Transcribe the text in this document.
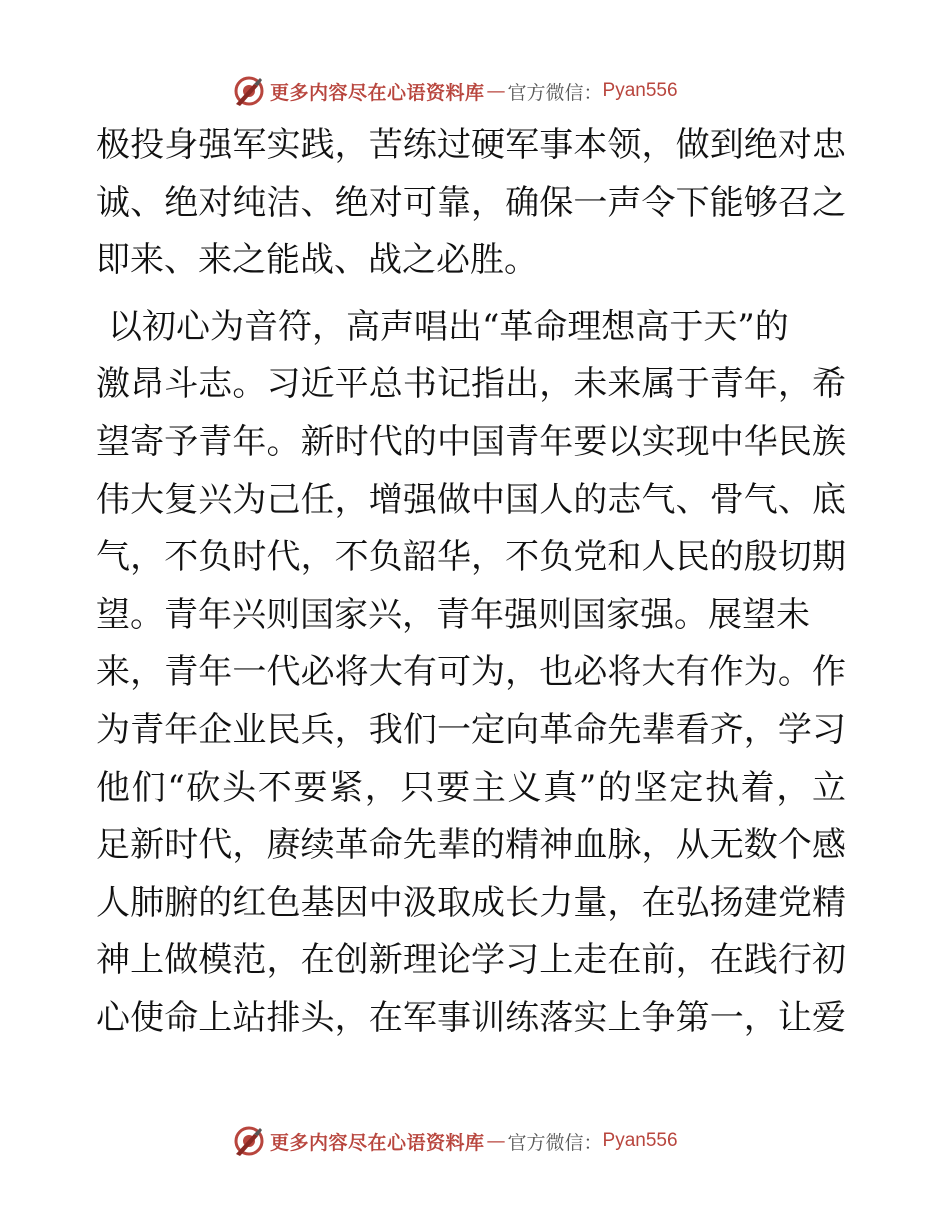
更多内容尽在心语资料库 — 官方微信： Pyan556
极投身强军实践，苦练过硬军事本领，做到绝对忠
诚、绝对纯洁、绝对可靠，确保一声令下能够召之
即来、来之能战、战之必胜。
以初心为音符，高声唱出“革命理想高于天”的
激昂斗志。习近平总书记指出，未来属于青年，希
望寄予青年。新时代的中国青年要以实现中华民族
伟大复兴为己任，增强做中国人的志气、骨气、底
气，不负时代，不负韶华，不负党和人民的殷切期
望。青年兴则国家兴，青年强则国家强。展望未
来，青年一代必将大有可为，也必将大有作为。作
为青年企业民兵，我们一定向革命先辈看齐，学习
他们“砍头不要紧，只要主义真”的坚定执着，立
足新时代，赓续革命先辈的精神血脉，从无数个感
人肺腑的红色基因中汲取成长力量，在弘扬建党精
神上做模范，在创新理论学习上走在前，在践行初
心使命上站排头，在军事训练落实上争第一，让爱
更多内容尽在心语资料库 — 官方微信： Pyan556
